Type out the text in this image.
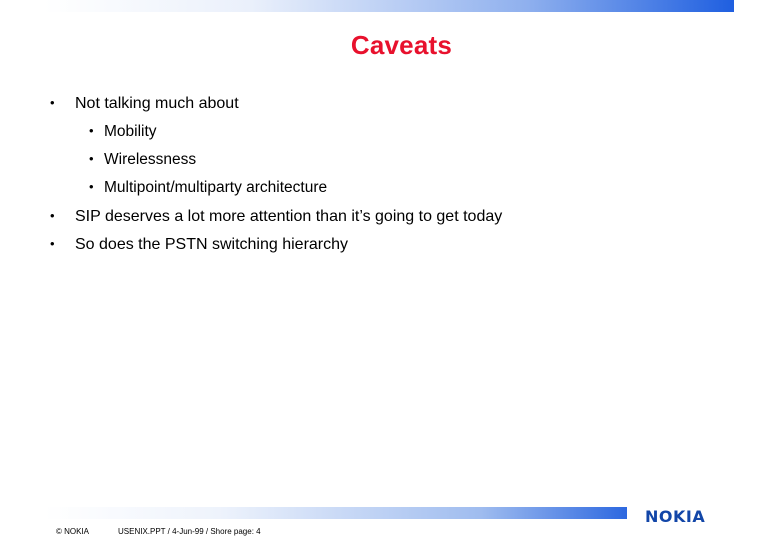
Caveats
• Not talking much about
• Mobility
• Wirelessness
• Multipoint/multiparty architecture
• SIP deserves a lot more attention than it’s going to get today
• So does the PSTN switching hierarchy
NOKIA
© NOKIA	USENIX.PPT / 4-Jun-99 / Shore page: 4
